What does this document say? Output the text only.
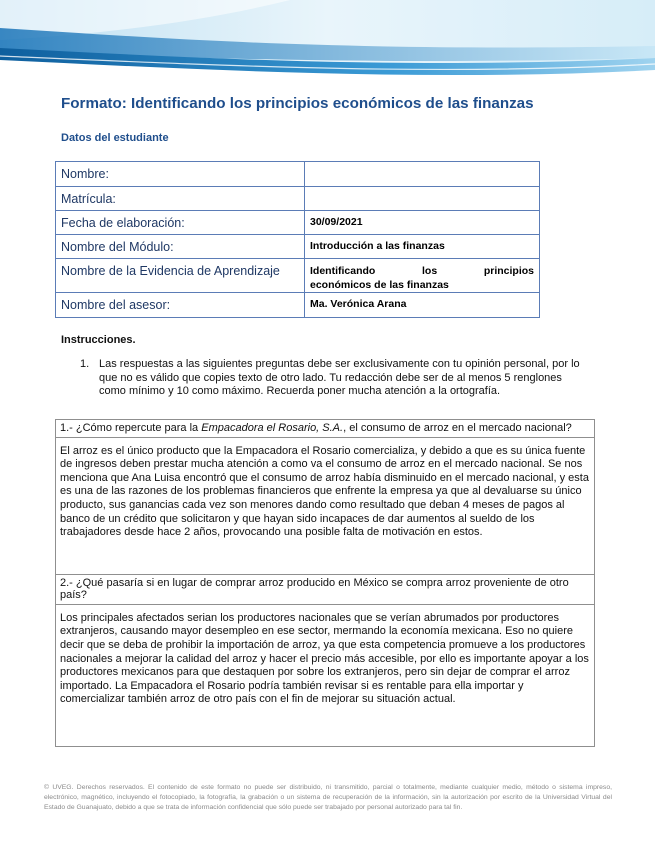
Formato: Identificando los principios económicos de las finanzas
Datos del estudiante
Nombre:	
Matrícula:	
Fecha de elaboración:	30/09/2021
Nombre del Módulo:	Introducción a las finanzas
Nombre de la Evidencia de Aprendizaje	Identificando los principios
económicos de las finanzas

Nombre del asesor:	Ma. Verónica Arana
Instrucciones.
1. Las respuestas a las siguientes preguntas debe ser exclusivamente con tu opinión personal, por lo que no es válido que copies texto de otro lado. Tu redacción debe ser de al menos 5 renglones como mínimo y 10 como máximo. Recuerda poner mucha atención a la ortografía.
1.- ¿Cómo repercute para la Empacadora el Rosario, S.A., el consumo de arroz en el mercado nacional?
El arroz es el único producto que la Empacadora el Rosario comercializa, y debido a que es su única fuente de ingresos deben prestar mucha atención a como va el consumo de arroz en el mercado nacional. Se nos menciona que Ana Luisa encontró que el consumo de arroz había disminuido en el mercado nacional, y esta es una de las razones de los problemas financieros que enfrente la empresa ya que al devaluarse su único producto, sus ganancias cada vez son menores dando como resultado que deban 4 meses de pagos al banco de un crédito que solicitaron y que hayan sido incapaces de dar aumentos al sueldo de los trabajadores desde hace 2 años, provocando una posible falta de motivación en estos.
2.- ¿Qué pasaría si en lugar de comprar arroz producido en México se compra arroz proveniente de otro país?
Los principales afectados serian los productores nacionales que se verían abrumados por productores extranjeros, causando mayor desempleo en ese sector, mermando la economía mexicana. Eso no quiere decir que se deba de prohibir la importación de arroz, ya que esta competencia promueve a los productores nacionales a mejorar la calidad del arroz y hacer el precio más accesible, por ello es importante apoyar a los productores mexicanos para que destaquen por sobre los extranjeros, pero sin dejar de comprar el arroz importado. La Empacadora el Rosario podría también revisar si es rentable para ella importar y comercializar también arroz de otro país con el fin de mejorar su situación actual.
© UVEG. Derechos reservados. El contenido de este formato no puede ser distribuido, ni transmitido, parcial o totalmente, mediante cualquier medio, método o sistema impreso, electrónico, magnético, incluyendo el fotocopiado, la fotografía, la grabación o un sistema de recuperación de la información, sin la autorización por escrito de la Universidad Virtual del Estado de Guanajuato, debido a que se trata de información confidencial que sólo puede ser trabajado por personal autorizado para tal fin.
